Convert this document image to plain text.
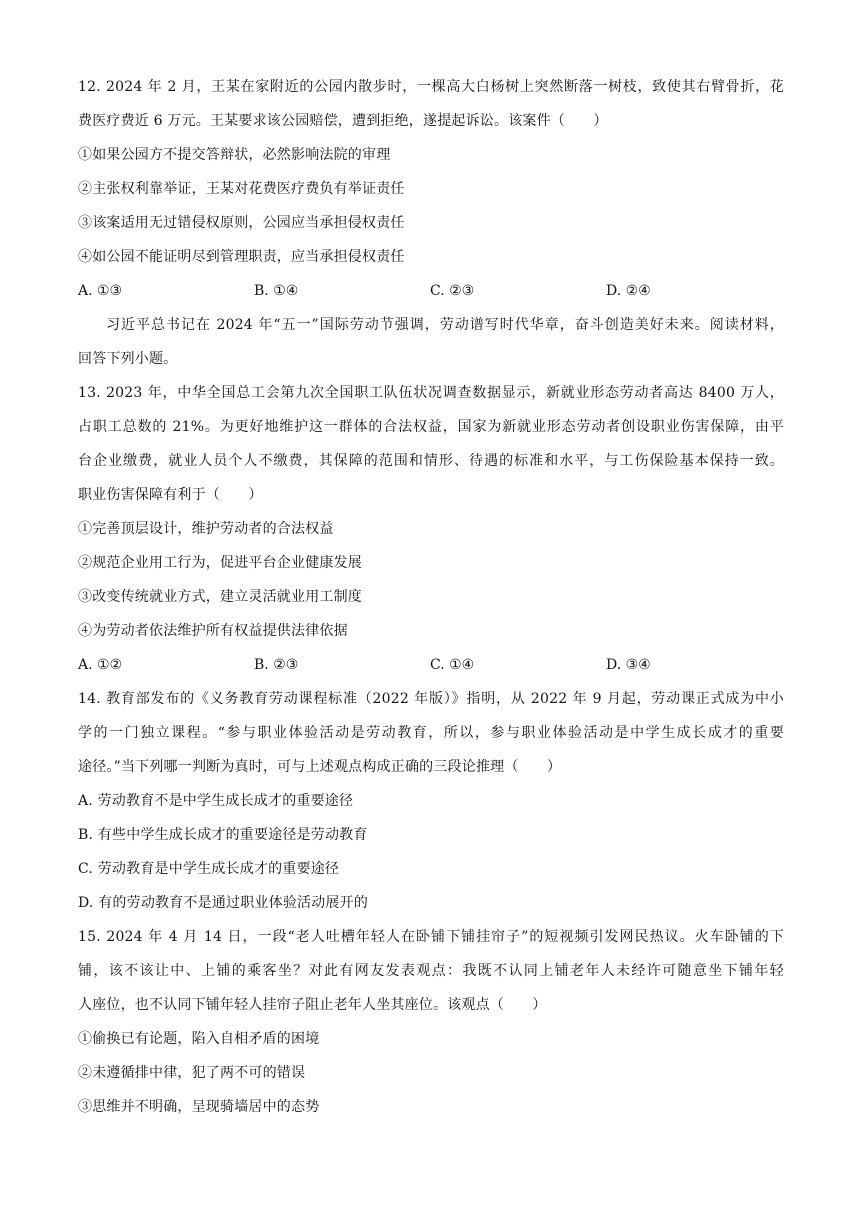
12. 2024 年 2 月，王某在家附近的公园内散步时，一棵高大白杨树上突然断落一树枝，致使其右臂骨折，花
费医疗费近 6 万元。王某要求该公园赔偿，遭到拒绝，遂提起诉讼。该案件（　　）
①如果公园方不提交答辩状，必然影响法院的审理
②主张权利靠举证，王某对花费医疗费负有举证责任
③该案适用无过错侵权原则，公园应当承担侵权责任
④如公园不能证明尽到管理职责，应当承担侵权责任
A. ①③	B. ①④	C. ②③	D. ②④
习近平总书记在 2024 年“五一”国际劳动节强调，劳动谱写时代华章，奋斗创造美好未来。阅读材料，
回答下列小题。
13. 2023 年，中华全国总工会第九次全国职工队伍状况调查数据显示，新就业形态劳动者高达 8400 万人，
占职工总数的 21%。为更好地维护这一群体的合法权益，国家为新就业形态劳动者创设职业伤害保障，由平
台企业缴费，就业人员个人不缴费，其保障的范围和情形、待遇的标准和水平，与工伤保险基本保持一致。
职业伤害保障有利于（　　）
①完善顶层设计，维护劳动者的合法权益
②规范企业用工行为，促进平台企业健康发展
③改变传统就业方式，建立灵活就业用工制度
④为劳动者依法维护所有权益提供法律依据
A. ①②	B. ②③	C. ①④	D. ③④
14. 教育部发布的《义务教育劳动课程标准（2022 年版）》指明，从 2022 年 9 月起，劳动课正式成为中小
学的一门独立课程。“参与职业体验活动是劳动教育，所以，参与职业体验活动是中学生成长成才的重要
途径。”当下列哪一判断为真时，可与上述观点构成正确的三段论推理（　　）
A. 劳动教育不是中学生成长成才的重要途径
B. 有些中学生成长成才的重要途径是劳动教育
C. 劳动教育是中学生成长成才的重要途径
D. 有的劳动教育不是通过职业体验活动展开的
15. 2024 年 4 月 14 日，一段“老人吐槽年轻人在卧铺下铺挂帘子”的短视频引发网民热议。火车卧铺的下
铺，该不该让中、上铺的乘客坐？对此有网友发表观点：我既不认同上铺老年人未经许可随意坐下铺年轻
人座位，也不认同下铺年轻人挂帘子阻止老年人坐其座位。该观点（　　）
①偷换已有论题，陷入自相矛盾的困境
②未遵循排中律，犯了两不可的错误
③思维并不明确，呈现骑墙居中的态势
